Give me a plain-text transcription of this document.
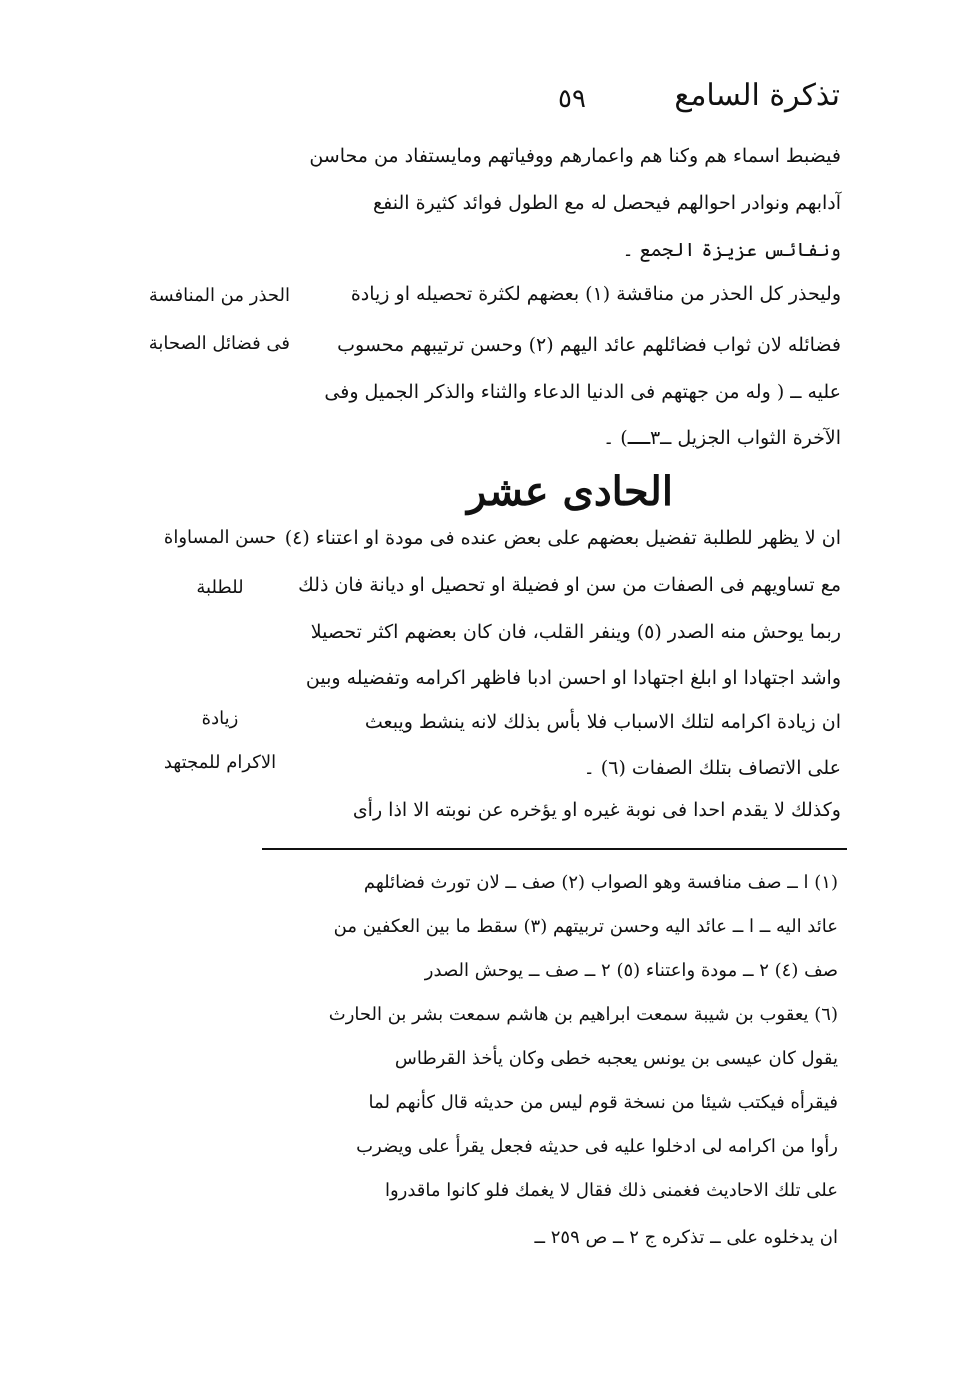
تذكرة السامع
٥٩
فيضبط اسماء هم وكنا هم واعمارهم ووفياتهم ومايستفاد من محاسن
آدابهم ونوادر احوالهم فيحصل له مع الطول فوائد كثيرة النفع
ونفائس عزيزة الجمع ۔
وليحذر كل الحذر من مناقشة (١) بعضهم لكثرة تحصيله او زيادة
فضائله لان ثواب فضائلهم عائد اليهم (٢) وحسن ترتيبهم محسوب
عليه ــ ( وله من جهتهم فى الدنيا الدعاء والثناء والذكر الجميل وفى
الآخرة الثواب الجزيل ــ٣ــ) ۔
الحادى عشر
ان لا يظهر للطلبة تفضيل بعضهم على بعض عنده فى مودة او اعتناء (٤)
مع تساويهم فى الصفات من سن او فضيلة او تحصيل او ديانة فان ذلك
ربما يوحش منه الصدر (٥) وينفر القلب، فان كان بعضهم اكثر تحصيلا
واشد اجتهادا او ابلغ اجتهادا او احسن ادبا فاظهر اكرامه وتفضيله وبين
ان زيادة اكرامه لتلك الاسباب فلا بأس بذلك لانه ينشط ويبعث
على الاتصاف بتلك الصفات (٦) ۔
وكذلك لا يقدم احدا فى نوبة غيره او يؤخره عن نوبته الا اذا رأى
الحذر من المنافسة
فى فضائل الصحابة
حسن المساواة
للطلبة
زيادة
الاكرام للمجتهد
(١) ا ــ صف منافسة وهو الصواب (٢) صف ــ لان تورث فضائلهم
عائد اليه ــ ا ــ عائد اليه وحسن تربيتهم (٣) سقط ما بين العكفين من
صف (٤) ٢ ــ مودة واعتناء (٥) ٢ ــ صف ــ يوحش الصدر
(٦) يعقوب بن شيبة سمعت ابراهيم بن هاشم سمعت بشر بن الحارث
يقول كان عيسى بن يونس يعجبه خطى وكان يأخذ القرطاس
فيقرأه فيكتب شيئا من نسخة قوم ليس من حديثه قال كأنهم لما
رأوا من اكرامه لى ادخلوا عليه فى حديثه فجعل يقرأ على ويضرب
على تلك الاحاديث فغمنى ذلك فقال لا يغمك فلو كانوا ماقدروا
ان يدخلوه على ــ تذكره ج ٢ ــ ص ٢٥٩ ــ
